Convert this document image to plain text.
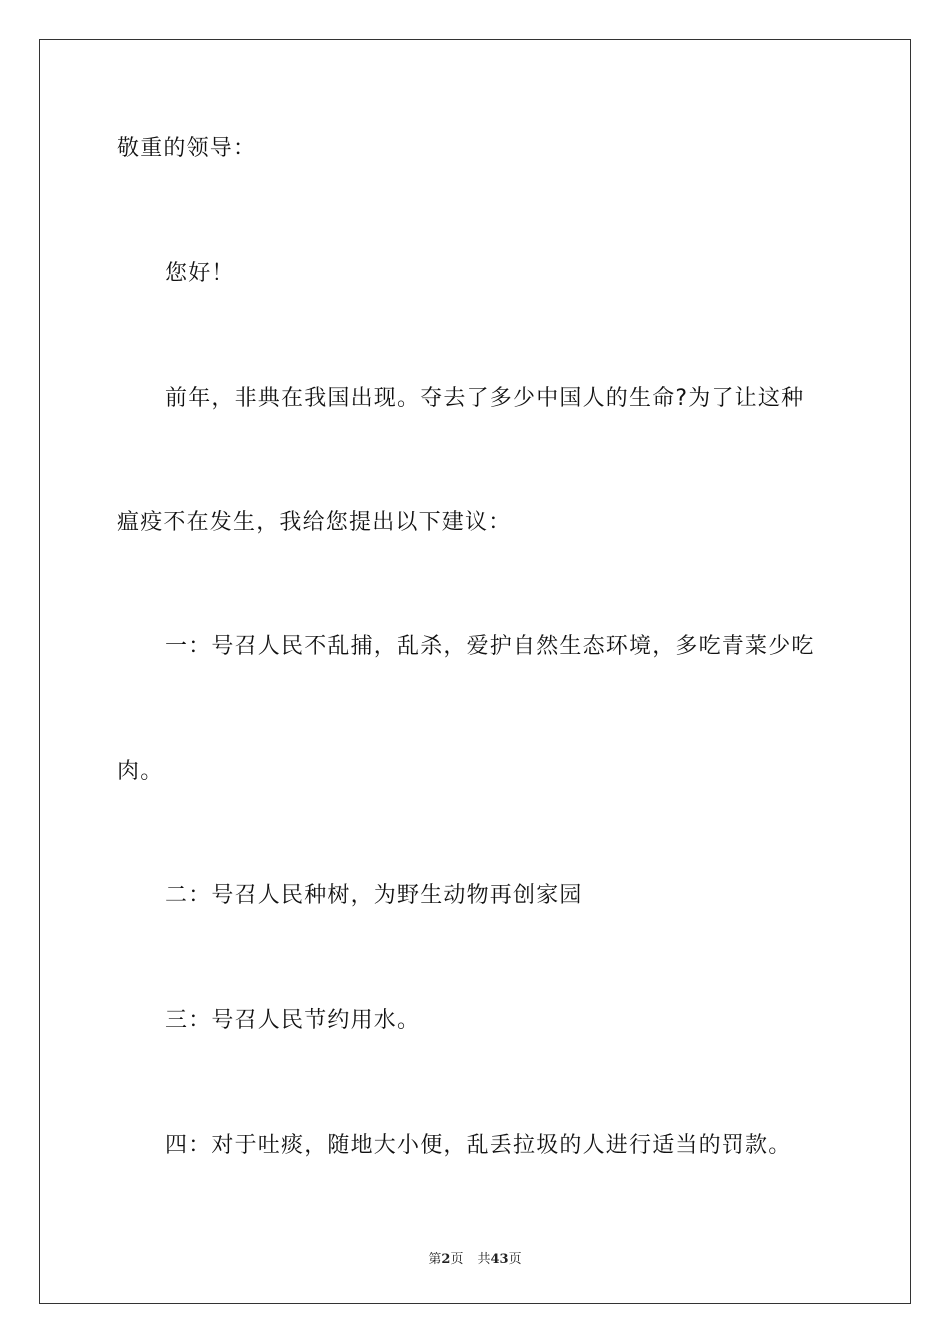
敬重的领导：

您好！

前年，非典在我国出现。夺去了多少中国人的生命?为了让这种

瘟疫不在发生，我给您提出以下建议：

一：号召人民不乱捕，乱杀，爱护自然生态环境，多吃青菜少吃

肉。

二：号召人民种树，为野生动物再创家园

三：号召人民节约用水。

四：对于吐痰，随地大小便，乱丢拉圾的人进行适当的罚款。

第2页 共43页
